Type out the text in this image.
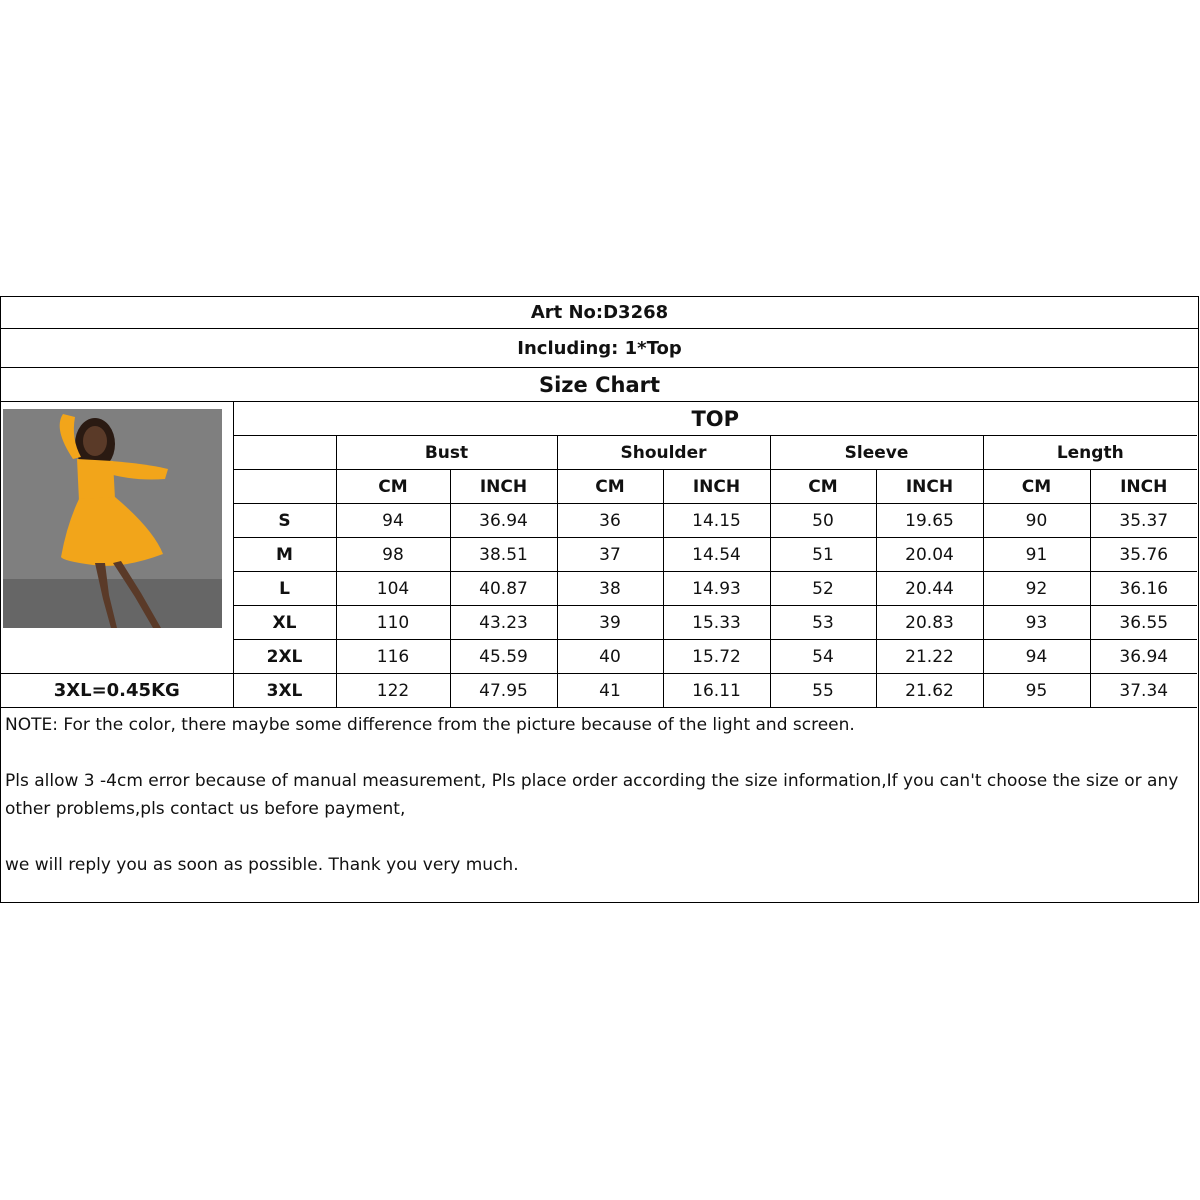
Art No:D3268
Including: 1*Top
Size Chart
	TOP								
		Bust		Shoulder		Sleeve		Length	
		CM	INCH	CM	INCH	CM	INCH	CM	INCH
	S	94	36.94	36	14.15	50	19.65	90	35.37
	M	98	38.51	37	14.54	51	20.04	91	35.76
	L	104	40.87	38	14.93	52	20.44	92	36.16
	XL	110	43.23	39	15.33	53	20.83	93	36.55
	2XL	116	45.59	40	15.72	54	21.22	94	36.94
3XL=0.45KG	3XL	122	47.95	41	16.11	55	21.62	95	37.34

NOTE: For the color, there maybe some difference from the picture because of the light and screen.

Pls allow 3 -4cm error because of manual measurement, Pls place order according the size information,If you can't choose the size or any other problems,pls contact us before payment,

we will reply you as soon as possible. Thank you very much.
